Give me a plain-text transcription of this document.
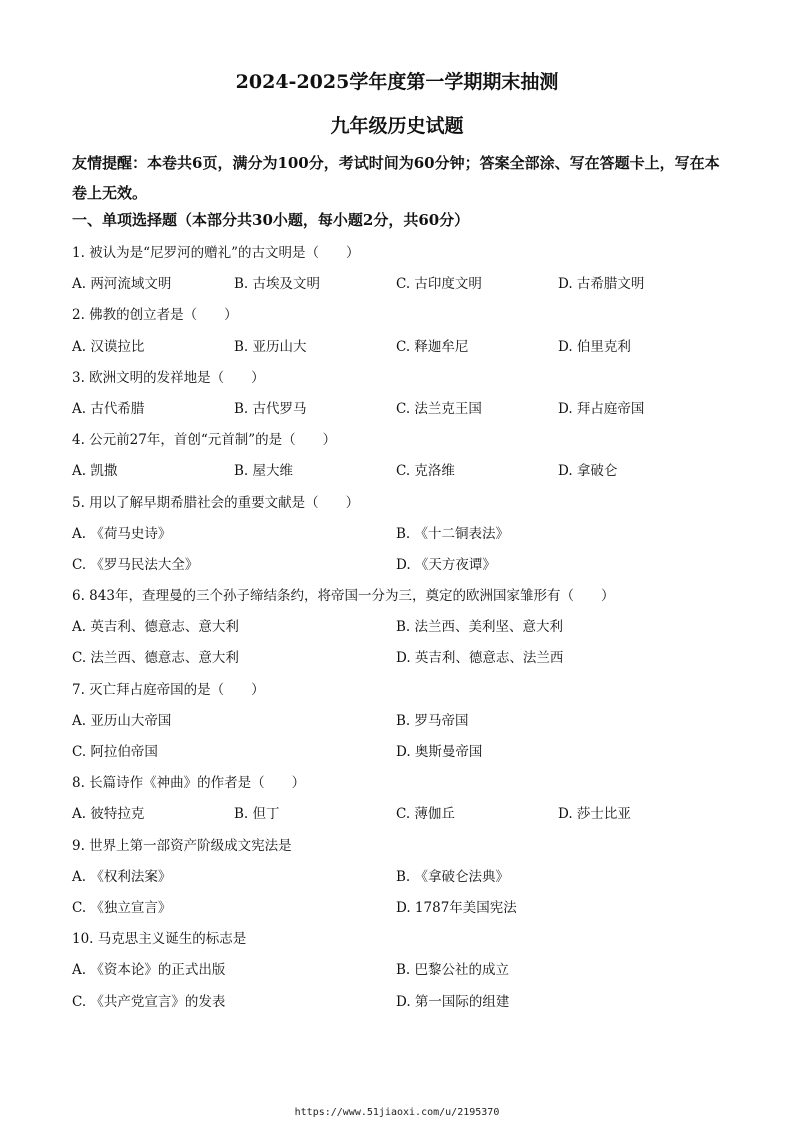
2024-2025学年度第一学期期末抽测
九年级历史试题
友情提醒：本卷共6页，满分为100分，考试时间为60分钟；答案全部涂、写在答题卡上，写在本卷上无效。
一、单项选择题（本部分共30小题，每小题2分，共60分）
1. 被认为是“尼罗河的赠礼”的古文明是（　　）
A. 两河流域文明	B. 古埃及文明	C. 古印度文明	D. 古希腊文明
2. 佛教的创立者是（　　）
A. 汉谟拉比	B. 亚历山大	C. 释迦牟尼	D. 伯里克利
3. 欧洲文明的发祥地是（　　）
A. 古代希腊	B. 古代罗马	C. 法兰克王国	D. 拜占庭帝国
4. 公元前27年，首创“元首制”的是（　　）
A. 凯撒	B. 屋大维	C. 克洛维	D. 拿破仑
5. 用以了解早期希腊社会的重要文献是（　　）
A. 《荷马史诗》	B. 《十二铜表法》
C. 《罗马民法大全》	D. 《天方夜谭》
6. 843年，查理曼的三个孙子缔结条约，将帝国一分为三，奠定的欧洲国家雏形有（　　）
A. 英吉利、德意志、意大利	B. 法兰西、美利坚、意大利
C. 法兰西、德意志、意大利	D. 英吉利、德意志、法兰西
7. 灭亡拜占庭帝国的是（　　）
A. 亚历山大帝国	B. 罗马帝国
C. 阿拉伯帝国	D. 奥斯曼帝国
8. 长篇诗作《神曲》的作者是（　　）
A. 彼特拉克	B. 但丁	C. 薄伽丘	D. 莎士比亚
9. 世界上第一部资产阶级成文宪法是
A. 《权利法案》	B. 《拿破仑法典》
C. 《独立宣言》	D. 1787年美国宪法
10. 马克思主义诞生的标志是
A. 《资本论》的正式出版	B. 巴黎公社的成立
C. 《共产党宣言》的发表	D. 第一国际的组建
https://www.51jiaoxi.com/u/2195370
